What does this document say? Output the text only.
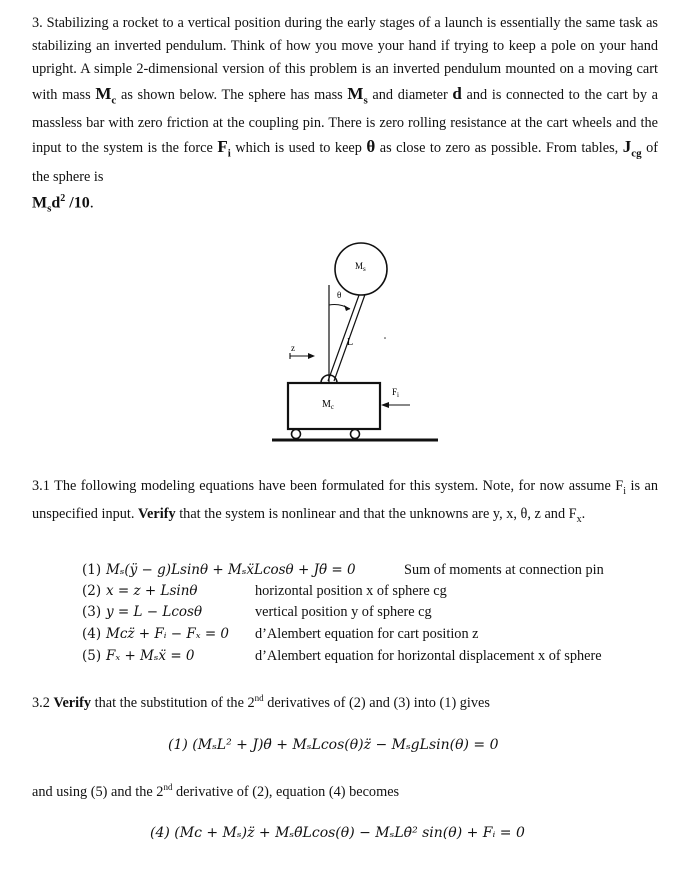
3. Stabilizing a rocket to a vertical position during the early stages of a launch is essentially the same task as stabilizing an inverted pendulum. Think of how you move your hand if trying to keep a pole on your hand upright. A simple 2-dimensional version of this problem is an inverted pendulum mounted on a moving cart with mass $M_c$ as shown below. The sphere has mass $M_s$ and diameter d and is connected to the cart by a massless bar with zero friction at the coupling pin. There is zero rolling resistance at the cart wheels and the input to the system is the force $F_i$ which is used to keep θ as close to zero as possible. From tables, $J_{cg}$ of the sphere is

$M_sd^2$ /10.
$M_c$
$M_s$
θ
L
z
$F_i$

3.1 The following modeling equations have been formulated for this system. Note, for now assume $F_i$ is an unspecified input. Verify that the system is nonlinear and that the unknowns are y, x, θ, z and $F_x$.

(1) Mₛ(ÿ − g)Lsinθ + MₛẍLcosθ + Jθ̈ = 0	Sum of moments at connection pin
(2) x = z + Lsinθ	horizontal position x of sphere cg
(3) y = L − Lcosθ	vertical position y of sphere cg
(4) Mᴄz̈ + Fᵢ − Fₓ = 0 d’Alembert equation for cart position z
(5) Fₓ + Mₛẍ = 0	d’Alembert equation for horizontal displacement x of sphere
3.2 Verify that the substitution of the 2nd derivatives of (2) and (3) into (1) gives
(1) (MₛL² + J)θ̈ + MₛLcos(θ)z̈ − MₛgLsin(θ) = 0
and using (5) and the 2nd derivative of (2), equation (4) becomes
(4) (Mᴄ + Mₛ)z̈ + Mₛθ̈Lcos(θ) − MₛLθ̇² sin(θ) + Fᵢ = 0
